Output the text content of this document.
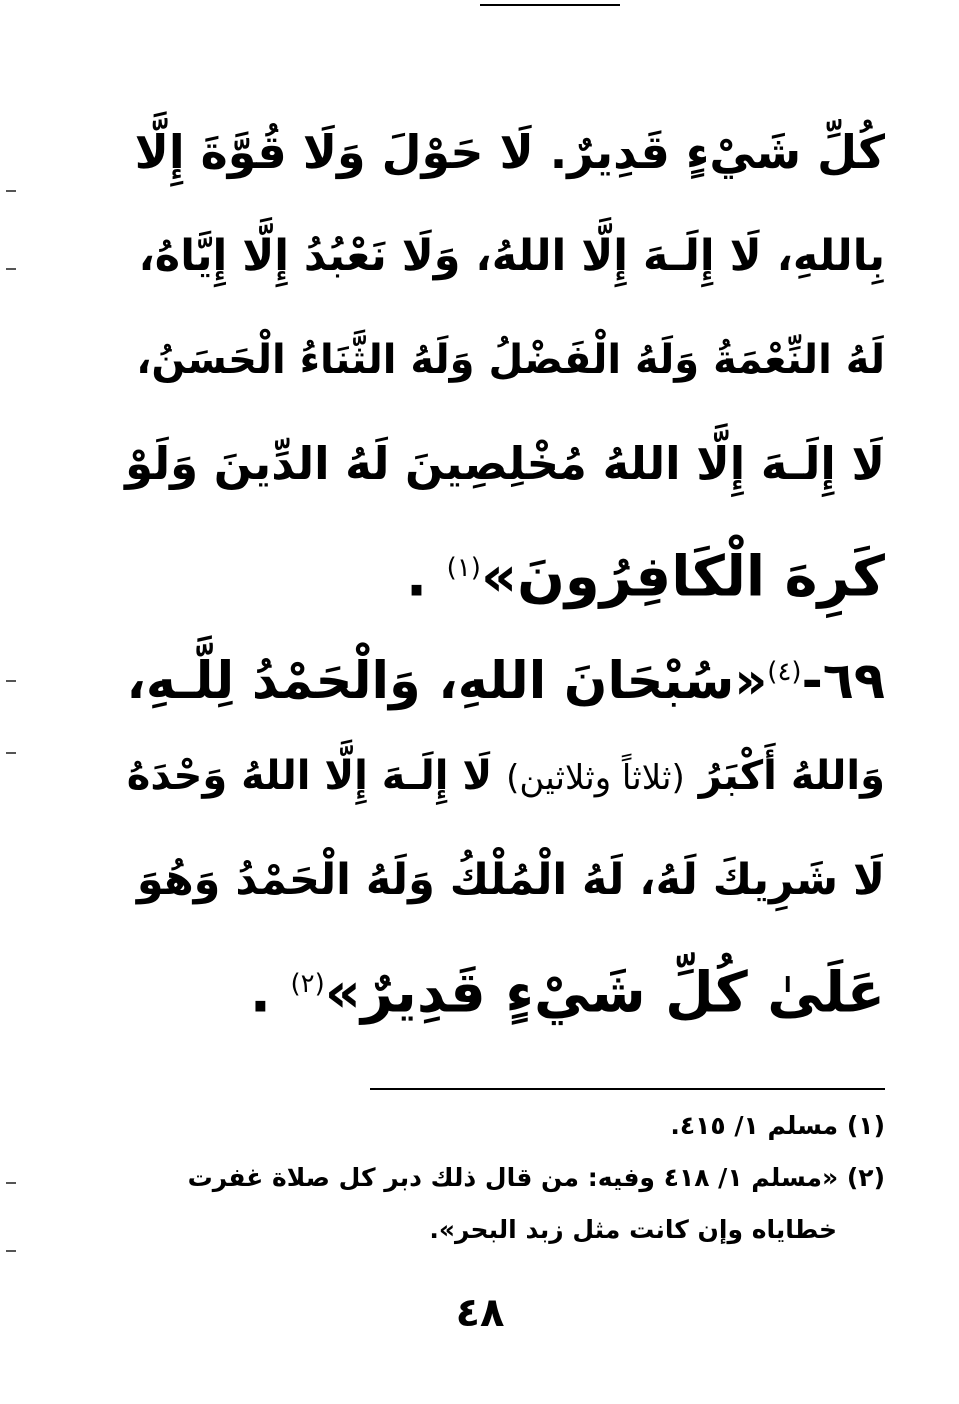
كُلِّ شَيْءٍ قَدِيرٌ. لَا حَوْلَ وَلَا قُوَّةَ إِلَّا
بِاللهِ، لَا إِلَـهَ إِلَّا اللهُ، وَلَا نَعْبُدُ إِلَّا إِيَّاهُ،
لَهُ النِّعْمَةُ وَلَهُ الْفَضْلُ وَلَهُ الثَّنَاءُ الْحَسَنُ،
لَا إِلَـهَ إِلَّا اللهُ مُخْلِصِينَ لَهُ الدِّينَ وَلَوْ
كَرِهَ الْكَافِرُونَ»$^{(١)}$ .
٦٩-$^{(٤)}$«سُبْحَانَ اللهِ، وَالْحَمْدُ لِلَّـهِ،
وَاللهُ أَكْبَرُ (ثلاثاً وثلاثين) لَا إِلَـهَ إِلَّا اللهُ وَحْدَهُ
لَا شَرِيكَ لَهُ، لَهُ الْمُلْكُ وَلَهُ الْحَمْدُ وَهُوَ
عَلَىٰ كُلِّ شَيْءٍ قَدِيرٌ»$^{(٢)}$ .
(١) مسلم ١/ ٤١٥.
(٢) «مسلم ١/ ٤١٨ وفيه: من قال ذلك دبر كل صلاة غفرت
خطاياه وإن كانت مثل زبد البحر».
٤٨
